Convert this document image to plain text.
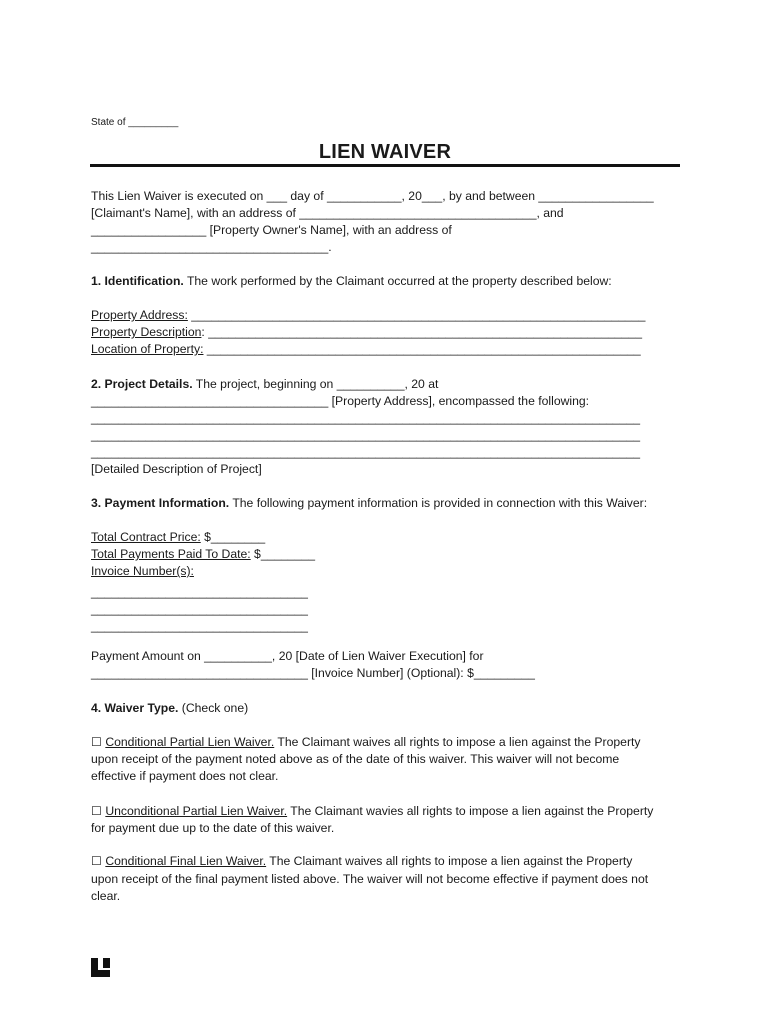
State of _________
LIEN WAIVER
This Lien Waiver is executed on ___ day of ___________, 20___, by and between _________________
[Claimant's Name], with an address of ___________________________________, and
_________________ [Property Owner's Name], with an address of
___________________________________.
1. Identification. The work performed by the Claimant occurred at the property described below:
Property Address: ___________________________________________________________________
Property Description: ________________________________________________________________
Location of Property: ________________________________________________________________
2. Project Details. The project, beginning on __________, 20 at
___________________________________ [Property Address], encompassed the following:
_________________________________________________________________________________
_________________________________________________________________________________
_________________________________________________________________________________
[Detailed Description of Project]
3. Payment Information. The following payment information is provided in connection with this Waiver:
Total Contract Price: $________
Total Payments Paid To Date: $________
Invoice Number(s):
________________________________
________________________________
________________________________
Payment Amount on __________, 20 [Date of Lien Waiver Execution] for
________________________________ [Invoice Number] (Optional): $_________
4. Waiver Type. (Check one)
☐ Conditional Partial Lien Waiver. The Claimant waives all rights to impose a lien against the Property
upon receipt of the payment noted above as of the date of this waiver. This waiver will not become
effective if payment does not clear.
☐ Unconditional Partial Lien Waiver. The Claimant wavies all rights to impose a lien against the Property
for payment due up to the date of this waiver.
☐ Conditional Final Lien Waiver. The Claimant waives all rights to impose a lien against the Property
upon receipt of the final payment listed above. The waiver will not become effective if payment does not
clear.
